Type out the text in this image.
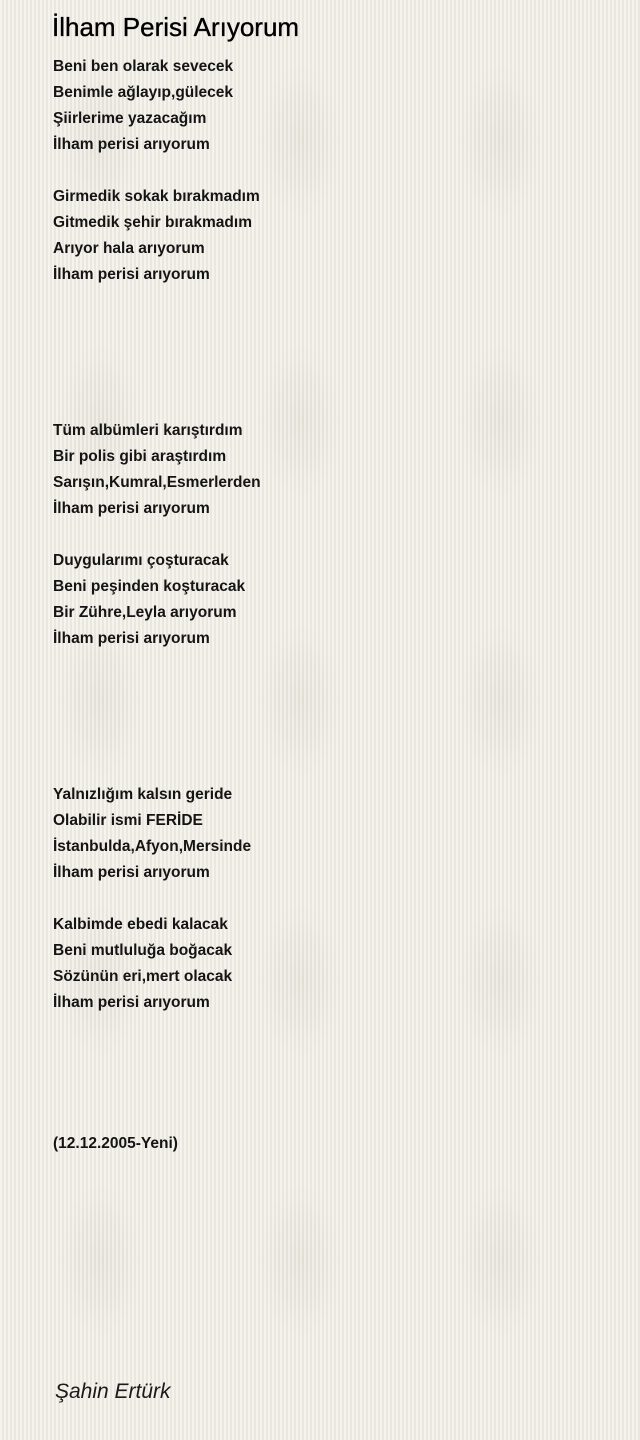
İlham Perisi Arıyorum
Beni ben olarak sevecek
Benimle ağlayıp,gülecek
Şiirlerime yazacağım
İlham perisi arıyorum
Girmedik sokak bırakmadım
Gitmedik şehir bırakmadım
Arıyor hala arıyorum
İlham perisi arıyorum
Tüm albümleri karıştırdım
Bir polis gibi araştırdım
Sarışın,Kumral,Esmerlerden
İlham perisi arıyorum
Duygularımı çoşturacak
Beni peşinden koşturacak
Bir Zühre,Leyla arıyorum
İlham perisi arıyorum
Yalnızlığım kalsın geride
Olabilir ismi FERİDE
İstanbulda,Afyon,Mersinde
İlham perisi arıyorum
Kalbimde ebedi kalacak
Beni mutluluğa boğacak
Sözünün eri,mert olacak
İlham perisi arıyorum
(12.12.2005-Yeni)
Şahin Ertürk
